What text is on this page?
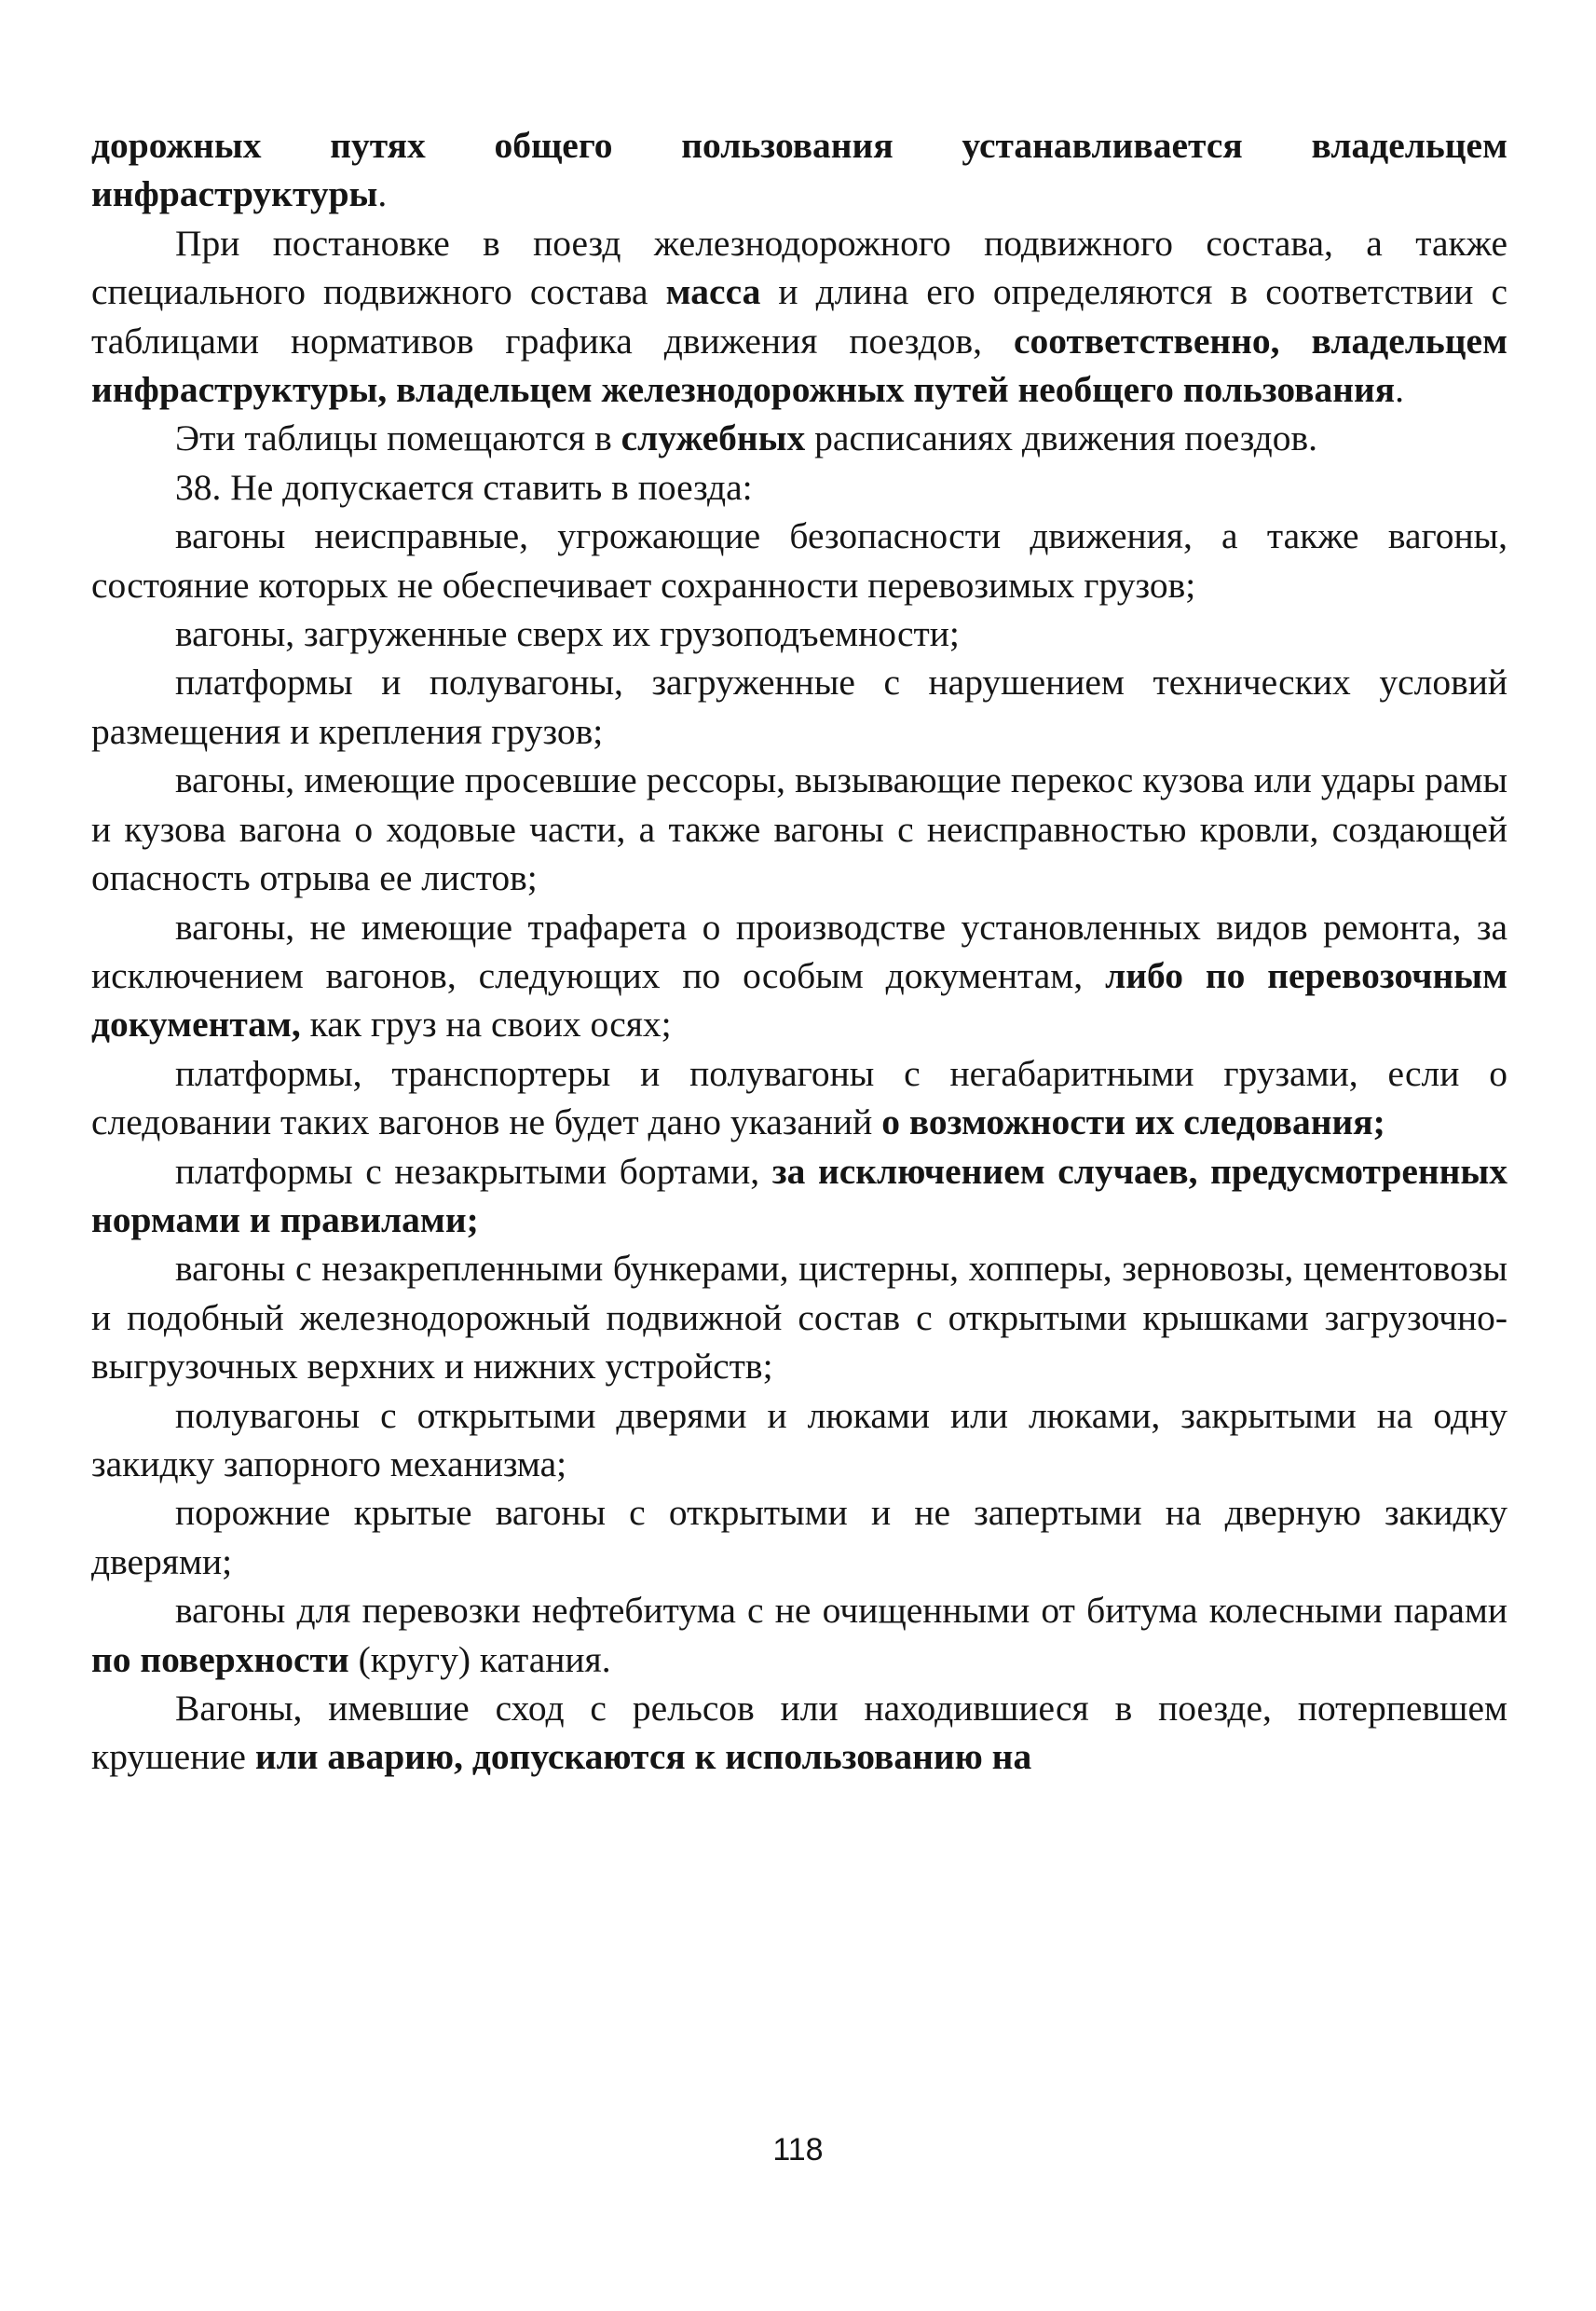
дорожных путях общего пользования устанавливается владельцем инфраструктуры.

При постановке в поезд железнодорожного подвижного состава, а также специального подвижного состава масса и длина его определяются в соответствии с таблицами нормативов графика движения поездов, соответственно, владельцем инфраструктуры, владельцем железнодорожных путей необщего пользования.

Эти таблицы помещаются в служебных расписаниях движения поездов.

38. Не допускается ставить в поезда:

вагоны неисправные, угрожающие безопасности движения, а также вагоны, состояние которых не обеспечивает сохранности перевозимых грузов;

вагоны, загруженные сверх их грузоподъемности;

платформы и полувагоны, загруженные с нарушением технических условий размещения и крепления грузов;

вагоны, имеющие просевшие рессоры, вызывающие перекос кузова или удары рамы и кузова вагона о ходовые части, а также вагоны с неисправностью кровли, создающей опасность отрыва ее листов;

вагоны, не имеющие трафарета о производстве установленных видов ремонта, за исключением вагонов, следующих по особым документам, либо по перевозочным документам, как груз на своих осях;

платформы, транспортеры и полувагоны с негабаритными грузами, если о следовании таких вагонов не будет дано указаний о возможности их следования;

платформы с незакрытыми бортами, за исключением случаев, предусмотренных нормами и правилами;

вагоны с незакрепленными бункерами, цистерны, хопперы, зерновозы, цементовозы и подобный железнодорожный подвижной состав с открытыми крышками загрузочно-выгрузочных верхних и нижних устройств;

полувагоны с открытыми дверями и люками или люками, закрытыми на одну закидку запорного механизма;

порожние крытые вагоны с открытыми и не запертыми на дверную закидку дверями;

вагоны для перевозки нефтебитума с не очищенными от битума колесными парами по поверхности (кругу) катания.

Вагоны, имевшие сход с рельсов или находившиеся в поезде, потерпевшем крушение или аварию, допускаются к использованию на

118
